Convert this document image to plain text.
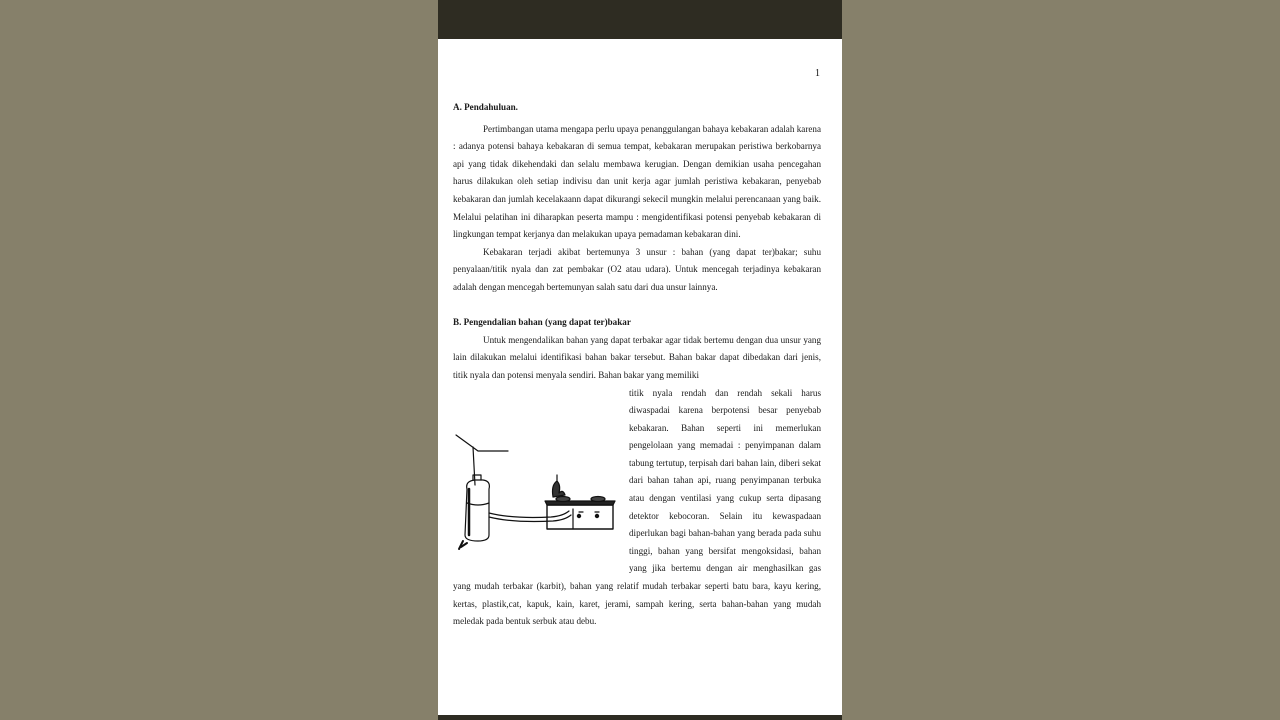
1
A. Pendahuluan.

Pertimbangan utama mengapa perlu upaya penanggulangan bahaya kebakaran adalah karena : adanya potensi bahaya kebakaran di semua tempat, kebakaran merupakan peristiwa berkobarnya api yang tidak dikehendaki dan selalu membawa kerugian. Dengan demikian usaha pencegahan harus dilakukan oleh setiap indivisu dan unit kerja agar jumlah peristiwa kebakaran, penyebab kebakaran dan jumlah kecelakaann dapat dikurangi sekecil mungkin melalui perencanaan yang baik. Melalui pelatihan ini diharapkan peserta mampu : mengidentifikasi potensi penyebab kebakaran di lingkungan tempat kerjanya dan melakukan upaya pemadaman kebakaran dini.

Kebakaran terjadi akibat bertemunya 3 unsur : bahan (yang dapat ter)bakar; suhu penyalaan/titik nyala dan zat pembakar (O2 atau udara). Untuk mencegah terjadinya kebakaran adalah dengan mencegah bertemunyan salah satu dari dua unsur lainnya.

B. Pengendalian bahan (yang dapat ter)bakar

Untuk mengendalikan bahan yang dapat terbakar agar tidak bertemu dengan dua unsur yang lain dilakukan melalui identifikasi bahan bakar tersebut. Bahan bakar dapat dibedakan dari jenis, titik nyala dan potensi menyala sendiri. Bahan bakar yang memiliki

titik nyala rendah dan rendah sekali harus diwaspadai karena berpotensi besar penyebab kebakaran. Bahan seperti ini memerlukan pengelolaan yang memadai : penyimpanan dalam tabung tertutup, terpisah dari bahan lain, diberi sekat dari bahan tahan api, ruang penyimpanan terbuka atau dengan ventilasi yang cukup serta dipasang detektor kebocoran. Selain itu kewaspadaan diperlukan bagi bahan-bahan yang berada pada suhu tinggi, bahan yang bersifat mengoksidasi, bahan yang jika bertemu dengan air menghasilkan gas yang mudah terbakar (karbit), bahan yang relatif mudah terbakar seperti batu bara, kayu kering, kertas, plastik,cat, kapuk, kain, karet, jerami, sampah kering, serta bahan-bahan yang mudah meledak pada bentuk serbuk atau debu.
